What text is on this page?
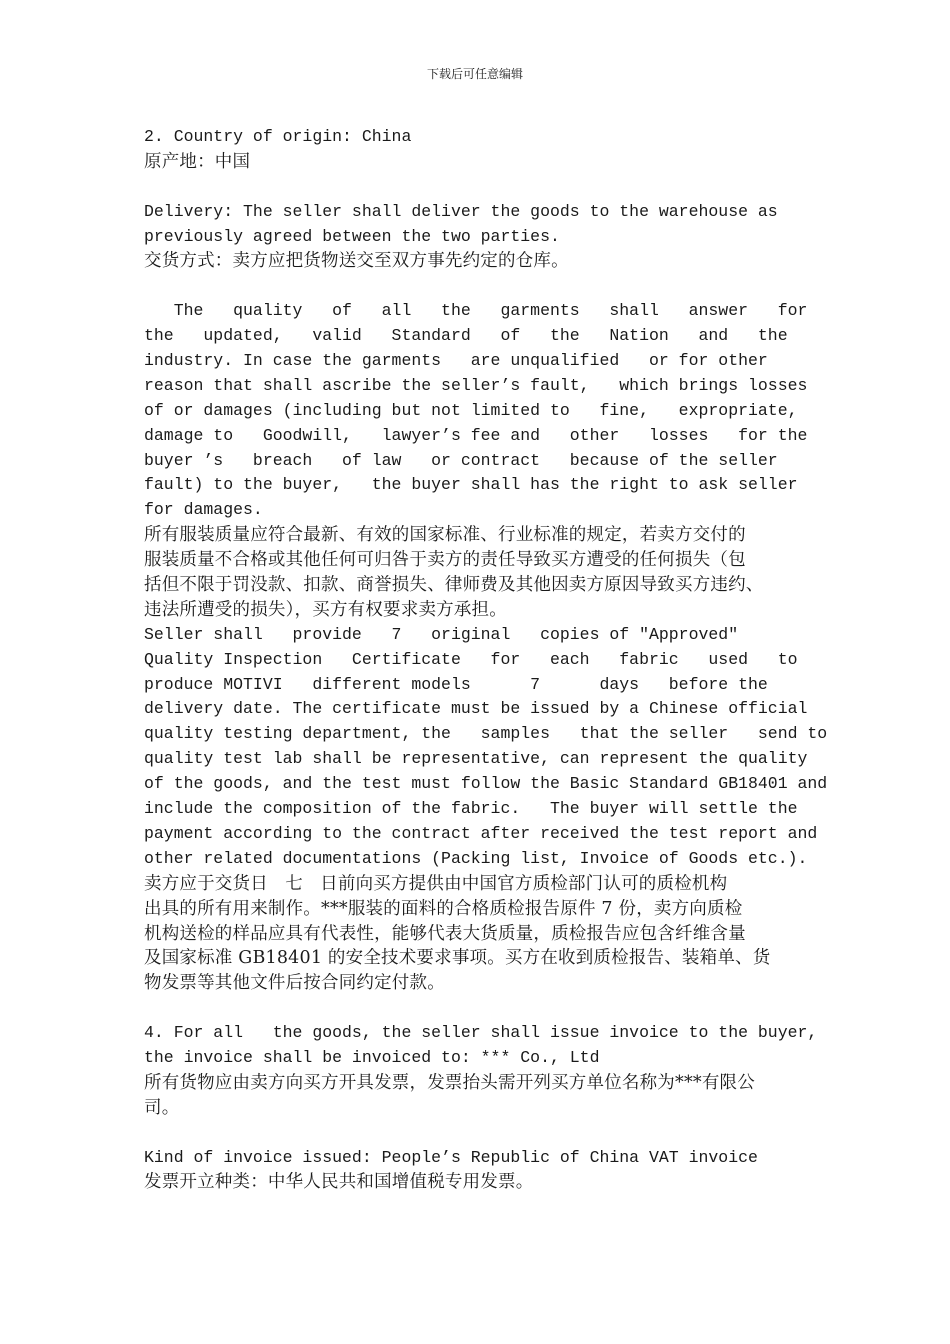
下载后可任意编辑
2. Country of origin: China
原产地：中国
Delivery: The seller shall deliver the goods to the warehouse as
previously agreed between the two parties.
交货方式：卖方应把货物送交至双方事先约定的仓库。
The   quality   of   all   the   garments   shall   answer   for
the   updated,   valid   Standard   of   the   Nation   and   the
industry. In case the garments   are unqualified   or for other
reason that shall ascribe the seller’s fault,   which brings losses
of or damages (including but not limited to   fine,   expropriate,
damage to   Goodwill,   lawyer’s fee and   other   losses   for the
buyer ’s   breach   of law   or contract   because of the seller
fault) to the buyer,   the buyer shall has the right to ask seller
for damages.
所有服装质量应符合最新、有效的国家标准、行业标准的规定，若卖方交付的
服装质量不合格或其他任何可归咎于卖方的责任导致买方遭受的任何损失（包
括但不限于罚没款、扣款、商誉损失、律师费及其他因卖方原因导致买方违约、
违法所遭受的损失），买方有权要求卖方承担。
Seller shall   provide   7   original   copies of "Approved"
Quality Inspection   Certificate   for   each   fabric   used   to
produce MOTIVI   different models      7      days   before the
delivery date. The certificate must be issued by a Chinese official
quality testing department, the   samples   that the seller   send to
quality test lab shall be representative, can represent the quality
of the goods, and the test must follow the Basic Standard GB18401 and
include the composition of the fabric.   The buyer will settle the
payment according to the contract after received the test report and
other related documentations (Packing list, Invoice of Goods etc.).
卖方应于交货日   七   日前向买方提供由中国官方质检部门认可的质检机构
出具的所有用来制作。***服装的面料的合格质检报告原件 7 份，卖方向质检
机构送检的样品应具有代表性，能够代表大货质量，质检报告应包含纤维含量
及国家标准 GB18401 的安全技术要求事项。买方在收到质检报告、装箱单、货
物发票等其他文件后按合同约定付款。
4. For all   the goods, the seller shall issue invoice to the buyer,
the invoice shall be invoiced to: *** Co., Ltd
所有货物应由卖方向买方开具发票，发票抬头需开列买方单位名称为***有限公
司。
Kind of invoice issued: People’s Republic of China VAT invoice
发票开立种类：中华人民共和国增值税专用发票。
